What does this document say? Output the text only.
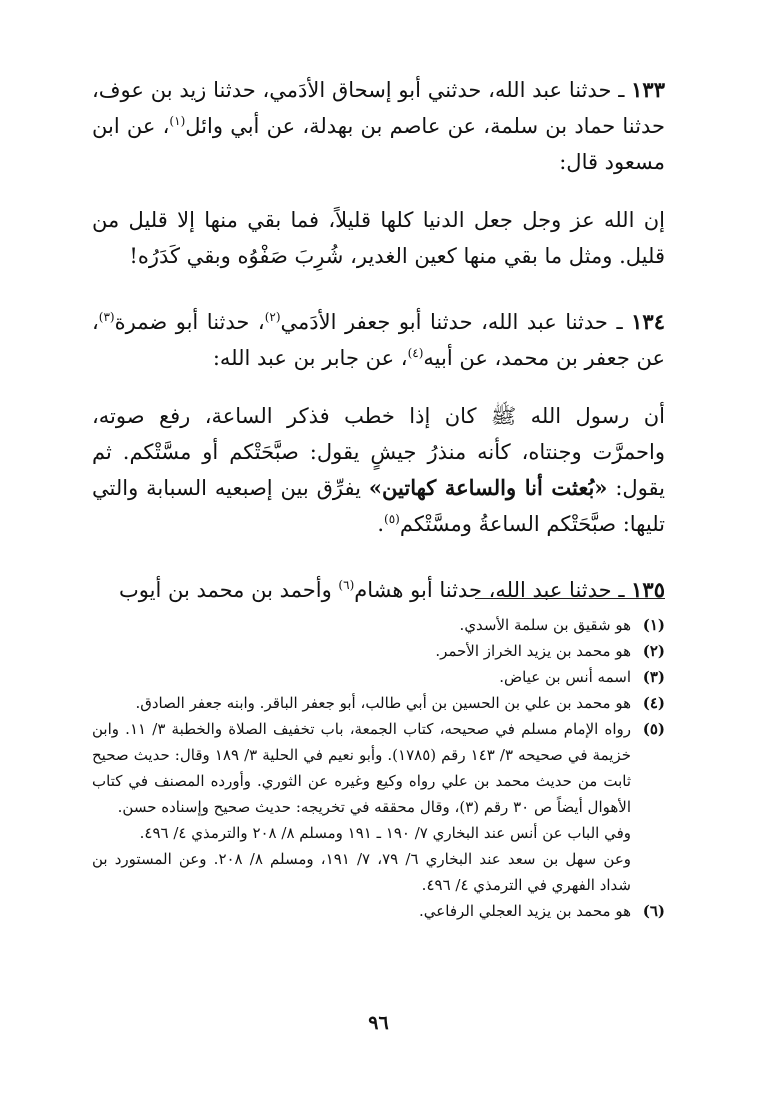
١٣٣ ـ حدثنا عبد الله، حدثني أبو إسحاق الأدَمي، حدثنا زيد بن عوف، حدثنا حماد بن سلمة، عن عاصم بن بهدلة، عن أبي وائل$^{(١)}$، عن ابن مسعود قال:

إن الله عز وجل جعل الدنيا كلها قليلاً، فما بقي منها إلا قليل من قليل. ومثل ما بقي منها كعين الغدير، شُرِبَ صَفْوُه وبقي كَدَرُه!

١٣٤ ـ حدثنا عبد الله، حدثنا أبو جعفر الأدَمي$^{(٢)}$، حدثنا أبو ضمرة$^{(٣)}$، عن جعفر بن محمد، عن أبيه$^{(٤)}$، عن جابر بن عبد الله:

أن رسول الله ﷺ كان إذا خطب فذكر الساعة، رفع صوته، واحمرَّت وجنتاه، كأنه منذرُ جيشٍ يقول: صبَّحَتْكم أو مسَّتْكم. ثم يقول: «بُعثت أنا والساعة كهاتين» يفرِّق بين إصبعيه السبابة والتي تليها: صبَّحَتْكم الساعةُ ومسَّتْكم$^{(٥)}$.

١٣٥ ـ حدثنا عبد الله، حدثنا أبو هشام$^{(٦)}$ وأحمد بن محمد بن أيوب

(١)
هو شقيق بن سلمة الأسدي.
(٢)
هو محمد بن يزيد الخراز الأحمر.
(٣)
اسمه أنس بن عياض.
(٤)
هو محمد بن علي بن الحسين بن أبي طالب، أبو جعفر الباقر. وابنه جعفر الصادق.
(٥)
رواه الإمام مسلم في صحيحه، كتاب الجمعة، باب تخفيف الصلاة والخطبة ٣/ ١١. وابن خزيمة في صحيحه ٣/ ١٤٣ رقم (١٧٨٥). وأبو نعيم في الحلية ٣/ ١٨٩ وقال: حديث صحيح ثابت من حديث محمد بن علي رواه وكيع وغيره عن الثوري. وأورده المصنف في كتاب الأهوال أيضاً ص ٣٠ رقم (٣)، وقال محققه في تخريجه: حديث صحيح وإسناده حسن.
وفي الباب عن أنس عند البخاري ٧/ ١٩٠ ـ ١٩١ ومسلم ٨/ ٢٠٨ والترمذي ٤/ ٤٩٦.
وعن سهل بن سعد عند البخاري ٦/ ٧٩، ٧/ ١٩١، ومسلم ٨/ ٢٠٨. وعن المستورد بن شداد الفهري في الترمذي ٤/ ٤٩٦.
(٦)
هو محمد بن يزيد العجلي الرفاعي.
٩٦
